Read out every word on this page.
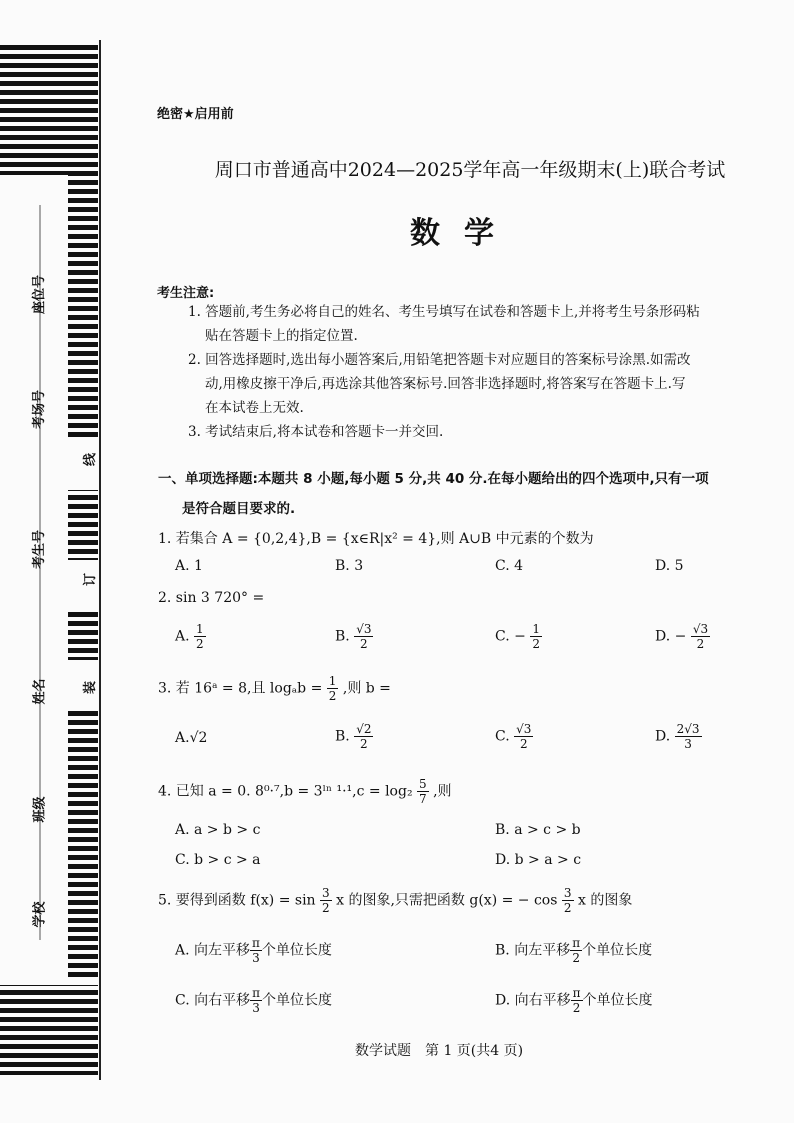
座位号
考场号
考生号
姓名
班级
学校
线
订
装
绝密★启用前
周口市普通高中2024—2025学年高一年级期末(上)联合考试
数学
考生注意:
1. 答题前,考生务必将自己的姓名、考生号填写在试卷和答题卡上,并将考生号条形码粘
贴在答题卡上的指定位置.
2. 回答选择题时,选出每小题答案后,用铅笔把答题卡对应题目的答案标号涂黑.如需改
动,用橡皮擦干净后,再选涂其他答案标号.回答非选择题时,将答案写在答题卡上.写
在本试卷上无效.
3. 考试结束后,将本试卷和答题卡一并交回.
一、单项选择题:本题共 8 小题,每小题 5 分,共 40 分.在每小题给出的四个选项中,只有一项
是符合题目要求的.
1. 若集合 A = {0,2,4},B = {x∈R|x² = 4},则 A∪B 中元素的个数为
A. 1	B. 3	C. 4	D. 5
2. sin 3 720° =
A. $\frac{1}{2}$	B. $\frac{√3}{2}$	C. − $\frac{1}{2}$	D. − $\frac{√3}{2}$
3. 若 16ᵃ = 8,且 $\log_ab = \frac{1}{2}$ ,则 b =
A.√2	B. $\frac{√2}{2}$	C. $\frac{√3}{2}$	D. $\frac{2√3}{3}$
4. 已知 a = 0. 8⁰·⁷,b = 3ˡⁿ $^1\cdot^1,c = \log_2 \frac{5}{7}$ ,则
A. a > b > c	B. a > c > b
C. b > c > a	D. b > a > c
5. 要得到函数 $f(x) = \sin \frac{3}{2}$ x 的图象,只需把函数 g(x) = − $\cos \frac{3}{2}$ x 的图象
A. 向左平移 $\frac{\pi}{3}$ 个单位长度	B. 向左平移 $\frac{\pi}{2}$ 个单位长度
C. 向右平移 $\frac{\pi}{3}$ 个单位长度	D. 向右平移 $\frac{\pi}{2}$ 个单位长度
数学试题　第 1 页(共4 页)
